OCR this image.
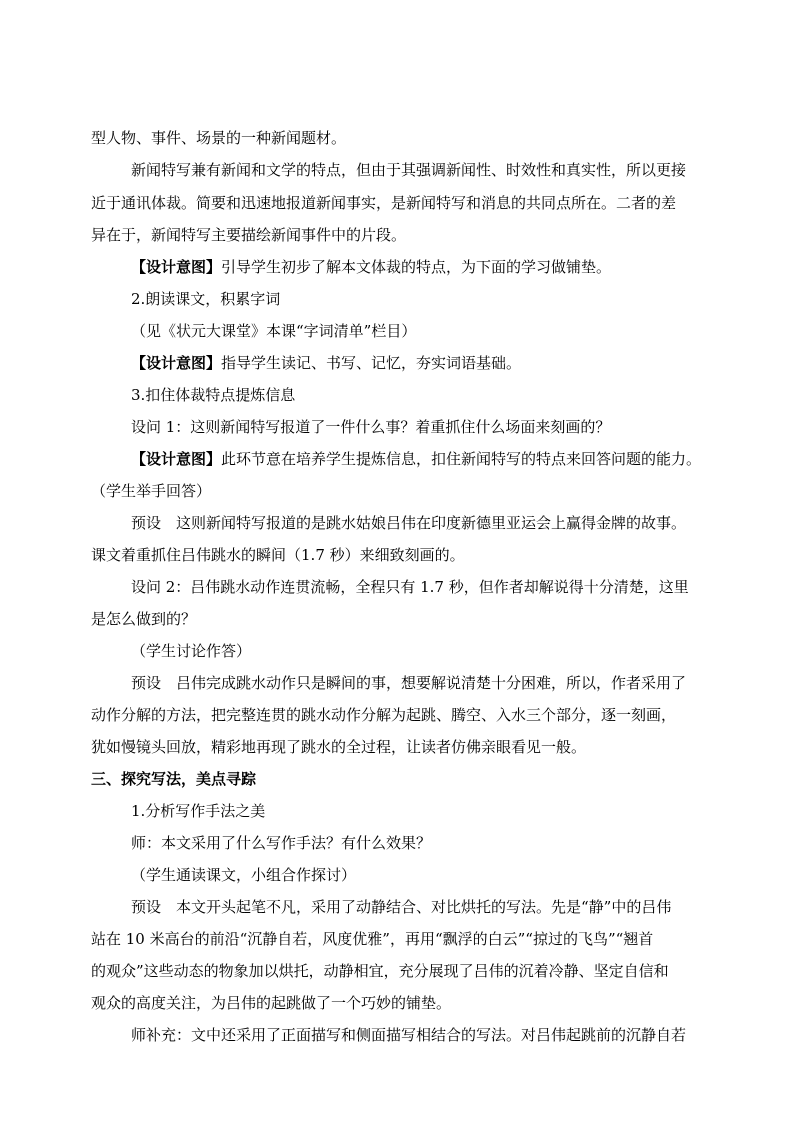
型人物、事件、场景的一种新闻题材。
新闻特写兼有新闻和文学的特点，但由于其强调新闻性、时效性和真实性，所以更接
近于通讯体裁。简要和迅速地报道新闻事实，是新闻特写和消息的共同点所在。二者的差
异在于，新闻特写主要描绘新闻事件中的片段。
【设计意图】引导学生初步了解本文体裁的特点，为下面的学习做铺垫。
2.朗读课文，积累字词
（见《状元大课堂》本课“字词清单”栏目）
【设计意图】指导学生读记、书写、记忆，夯实词语基础。
3.扣住体裁特点提炼信息
设问 1：这则新闻特写报道了一件什么事？着重抓住什么场面来刻画的？
【设计意图】此环节意在培养学生提炼信息，扣住新闻特写的特点来回答问题的能力。
（学生举手回答）
预设　这则新闻特写报道的是跳水姑娘吕伟在印度新德里亚运会上赢得金牌的故事。
课文着重抓住吕伟跳水的瞬间（1.7 秒）来细致刻画的。
设问 2：吕伟跳水动作连贯流畅，全程只有 1.7 秒，但作者却解说得十分清楚，这里
是怎么做到的？
（学生讨论作答）
预设　吕伟完成跳水动作只是瞬间的事，想要解说清楚十分困难，所以，作者采用了
动作分解的方法，把完整连贯的跳水动作分解为起跳、腾空、入水三个部分，逐一刻画，
犹如慢镜头回放，精彩地再现了跳水的全过程，让读者仿佛亲眼看见一般。
三、探究写法，美点寻踪
1.分析写作手法之美
师：本文采用了什么写作手法？有什么效果？
（学生通读课文，小组合作探讨）
预设　本文开头起笔不凡，采用了动静结合、对比烘托的写法。先是“静”中的吕伟
站在 10 米高台的前沿“沉静自若，风度优雅”，再用“飘浮的白云”“掠过的飞鸟”“翘首
的观众”这些动态的物象加以烘托，动静相宜，充分展现了吕伟的沉着冷静、坚定自信和
观众的高度关注，为吕伟的起跳做了一个巧妙的铺垫。
师补充：文中还采用了正面描写和侧面描写相结合的写法。对吕伟起跳前的沉静自若
